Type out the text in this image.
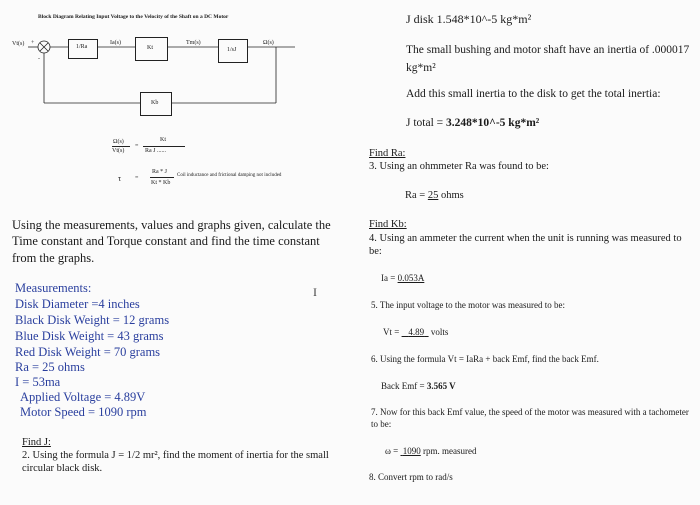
Block Diagram Relating Input Voltage to the Velocity of the Shaft on a DC Motor
-
+
Vt(s)	Ia(s)	Tm(s)	Ω(s)
1/Ra	Kt	1/sJ
Kb
Ω(s)
Vt(s)
=
Kt
Ra J ......
τ =
Ra * J
Kt * Kb
Coil inductance and frictional damping not included
Using the measurements, values and graphs given, calculate the Time constant and Torque constant and find the time constant from the graphs.
Measurements:
Disk Diameter =4 inches
Black Disk Weight = 12 grams
Blue Disk Weight = 43 grams
Red Disk Weight = 70 grams
Ra = 25 ohms
I = 53ma
Applied Voltage = 4.89V
Motor Speed = 1090 rpm
I
Find J:
2. Using the formula J = 1/2 mr², find the moment of inertia for the small circular black disk.
J disk 1.548*10^-5 kg*m²
The small bushing and motor shaft have an inertia of .000017 kg*m²
Add this small inertia to the disk to get the total inertia:
J total = 3.248*10^-5 kg*m²
Find Ra:
3. Using an ohmmeter Ra was found to be:
Ra = 25 ohms
Find Kb:
4. Using an ammeter the current when the unit is running was measured to be:
Ia = 0.053A
5. The input voltage to the motor was measured to be:
Vt =    4.89   volts
6. Using the formula Vt = IaRa + back Emf, find the back Emf.
Back Emf = 3.565 V
7. Now for this back Emf value, the speed of the motor was measured with a tachometer to be:
ω =  1090 rpm. measured
8. Convert rpm to rad/s
